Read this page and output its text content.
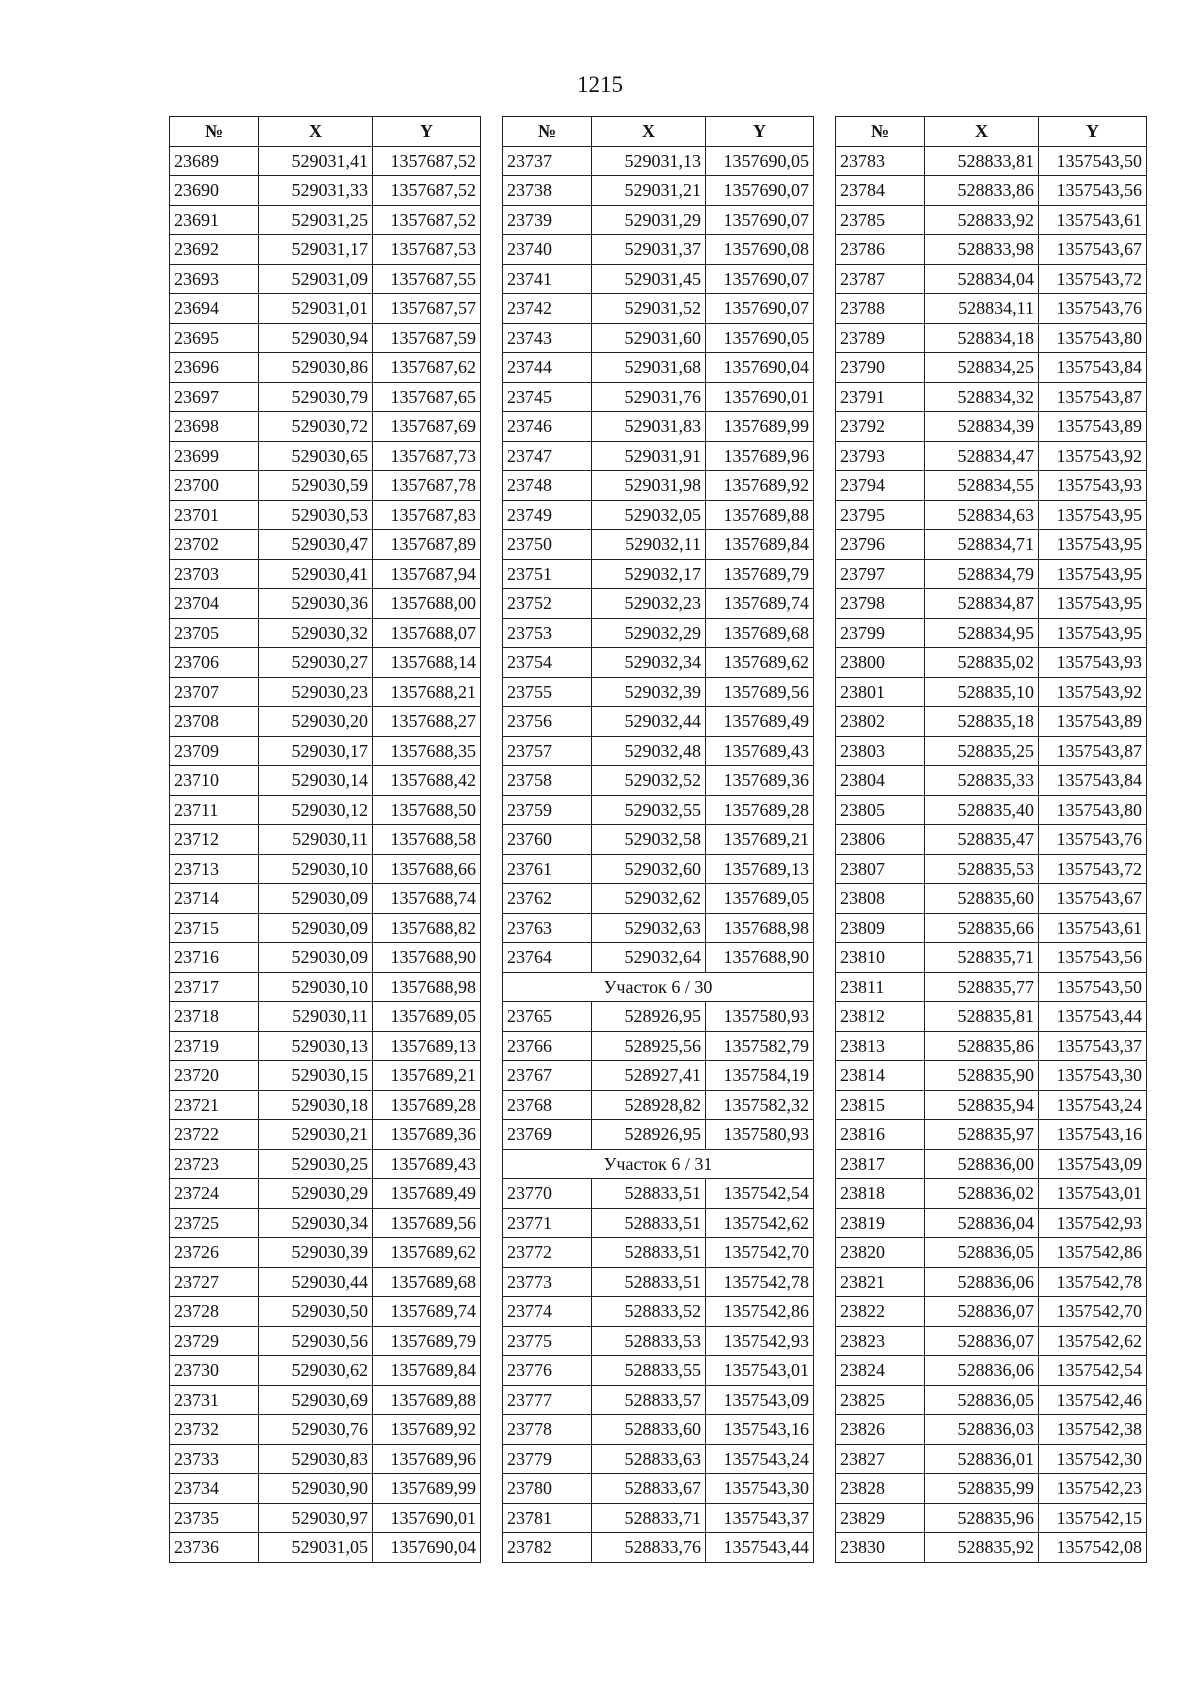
1215
№	X	Y
23689	529031,41	1357687,52
23690	529031,33	1357687,52
23691	529031,25	1357687,52
23692	529031,17	1357687,53
23693	529031,09	1357687,55
23694	529031,01	1357687,57
23695	529030,94	1357687,59
23696	529030,86	1357687,62
23697	529030,79	1357687,65
23698	529030,72	1357687,69
23699	529030,65	1357687,73
23700	529030,59	1357687,78
23701	529030,53	1357687,83
23702	529030,47	1357687,89
23703	529030,41	1357687,94
23704	529030,36	1357688,00
23705	529030,32	1357688,07
23706	529030,27	1357688,14
23707	529030,23	1357688,21
23708	529030,20	1357688,27
23709	529030,17	1357688,35
23710	529030,14	1357688,42
23711	529030,12	1357688,50
23712	529030,11	1357688,58
23713	529030,10	1357688,66
23714	529030,09	1357688,74
23715	529030,09	1357688,82
23716	529030,09	1357688,90
23717	529030,10	1357688,98
23718	529030,11	1357689,05
23719	529030,13	1357689,13
23720	529030,15	1357689,21
23721	529030,18	1357689,28
23722	529030,21	1357689,36
23723	529030,25	1357689,43
23724	529030,29	1357689,49
23725	529030,34	1357689,56
23726	529030,39	1357689,62
23727	529030,44	1357689,68
23728	529030,50	1357689,74
23729	529030,56	1357689,79
23730	529030,62	1357689,84
23731	529030,69	1357689,88
23732	529030,76	1357689,92
23733	529030,83	1357689,96
23734	529030,90	1357689,99
23735	529030,97	1357690,01
23736	529031,05	1357690,04
№	X	Y
23737	529031,13	1357690,05
23738	529031,21	1357690,07
23739	529031,29	1357690,07
23740	529031,37	1357690,08
23741	529031,45	1357690,07
23742	529031,52	1357690,07
23743	529031,60	1357690,05
23744	529031,68	1357690,04
23745	529031,76	1357690,01
23746	529031,83	1357689,99
23747	529031,91	1357689,96
23748	529031,98	1357689,92
23749	529032,05	1357689,88
23750	529032,11	1357689,84
23751	529032,17	1357689,79
23752	529032,23	1357689,74
23753	529032,29	1357689,68
23754	529032,34	1357689,62
23755	529032,39	1357689,56
23756	529032,44	1357689,49
23757	529032,48	1357689,43
23758	529032,52	1357689,36
23759	529032,55	1357689,28
23760	529032,58	1357689,21
23761	529032,60	1357689,13
23762	529032,62	1357689,05
23763	529032,63	1357688,98
23764	529032,64	1357688,90
Участок 6 / 30		
23765	528926,95	1357580,93
23766	528925,56	1357582,79
23767	528927,41	1357584,19
23768	528928,82	1357582,32
23769	528926,95	1357580,93
Участок 6 / 31		
23770	528833,51	1357542,54
23771	528833,51	1357542,62
23772	528833,51	1357542,70
23773	528833,51	1357542,78
23774	528833,52	1357542,86
23775	528833,53	1357542,93
23776	528833,55	1357543,01
23777	528833,57	1357543,09
23778	528833,60	1357543,16
23779	528833,63	1357543,24
23780	528833,67	1357543,30
23781	528833,71	1357543,37
23782	528833,76	1357543,44
№	X	Y
23783	528833,81	1357543,50
23784	528833,86	1357543,56
23785	528833,92	1357543,61
23786	528833,98	1357543,67
23787	528834,04	1357543,72
23788	528834,11	1357543,76
23789	528834,18	1357543,80
23790	528834,25	1357543,84
23791	528834,32	1357543,87
23792	528834,39	1357543,89
23793	528834,47	1357543,92
23794	528834,55	1357543,93
23795	528834,63	1357543,95
23796	528834,71	1357543,95
23797	528834,79	1357543,95
23798	528834,87	1357543,95
23799	528834,95	1357543,95
23800	528835,02	1357543,93
23801	528835,10	1357543,92
23802	528835,18	1357543,89
23803	528835,25	1357543,87
23804	528835,33	1357543,84
23805	528835,40	1357543,80
23806	528835,47	1357543,76
23807	528835,53	1357543,72
23808	528835,60	1357543,67
23809	528835,66	1357543,61
23810	528835,71	1357543,56
23811	528835,77	1357543,50
23812	528835,81	1357543,44
23813	528835,86	1357543,37
23814	528835,90	1357543,30
23815	528835,94	1357543,24
23816	528835,97	1357543,16
23817	528836,00	1357543,09
23818	528836,02	1357543,01
23819	528836,04	1357542,93
23820	528836,05	1357542,86
23821	528836,06	1357542,78
23822	528836,07	1357542,70
23823	528836,07	1357542,62
23824	528836,06	1357542,54
23825	528836,05	1357542,46
23826	528836,03	1357542,38
23827	528836,01	1357542,30
23828	528835,99	1357542,23
23829	528835,96	1357542,15
23830	528835,92	1357542,08
